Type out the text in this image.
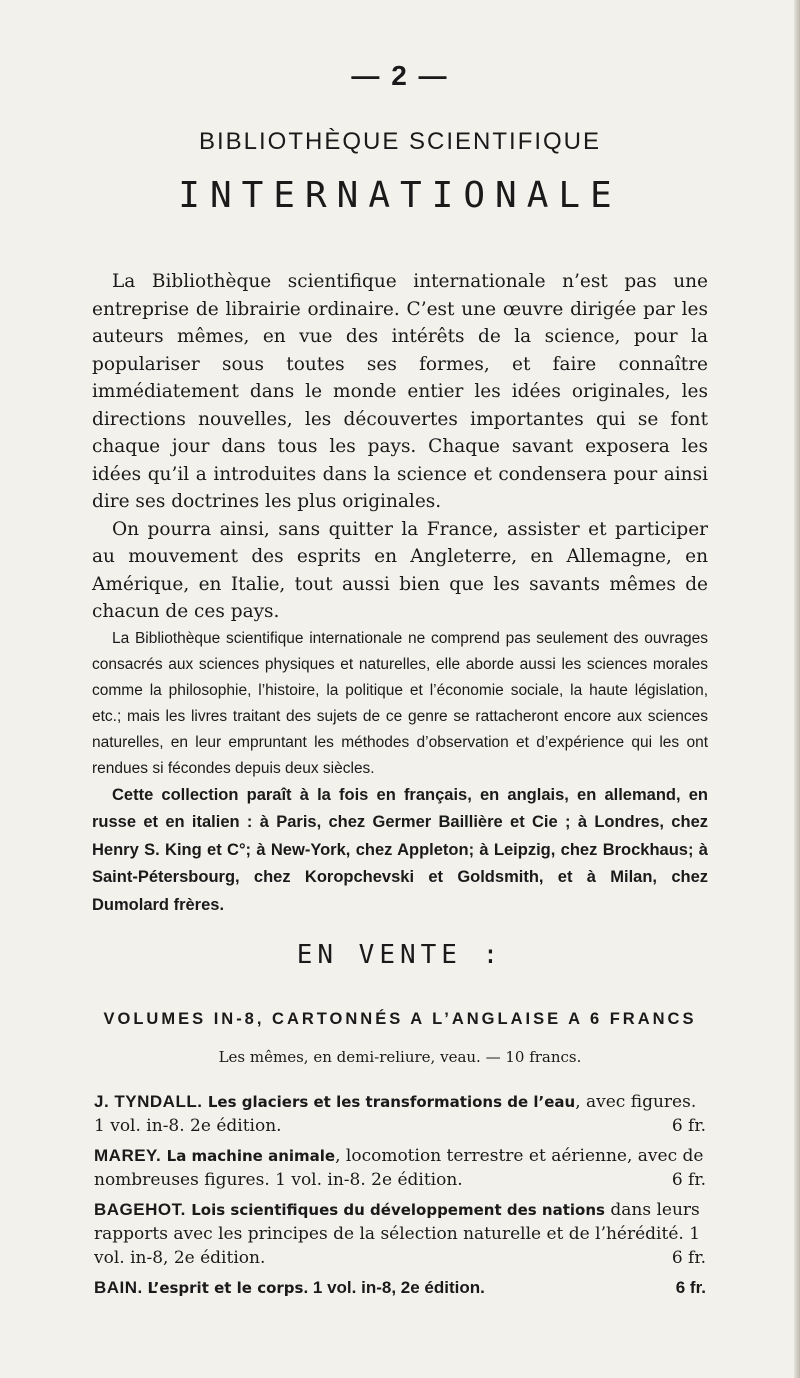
— 2 —
BIBLIOTHÈQUE SCIENTIFIQUE
INTERNATIONALE

La Bibliothèque scientifique internationale n’est pas une entreprise de librairie ordinaire. C’est une œuvre dirigée par les auteurs mêmes, en vue des intérêts de la science, pour la populariser sous toutes ses formes, et faire connaître immédiatement dans le monde entier les idées originales, les directions nouvelles, les découvertes importantes qui se font chaque jour dans tous les pays. Chaque savant exposera les idées qu’il a introduites dans la science et condensera pour ainsi dire ses doctrines les plus originales.

On pourra ainsi, sans quitter la France, assister et participer au mouvement des esprits en Angleterre, en Allemagne, en Amérique, en Italie, tout aussi bien que les savants mêmes de chacun de ces pays.

La Bibliothèque scientifique internationale ne comprend pas seulement des ouvrages consacrés aux sciences physiques et naturelles, elle aborde aussi les sciences morales comme la philosophie, l’histoire, la politique et l’économie sociale, la haute législation, etc.; mais les livres traitant des sujets de ce genre se rattacheront encore aux sciences naturelles, en leur empruntant les méthodes d’observation et d’expérience qui les ont rendues si fécondes depuis deux siècles.

Cette collection paraît à la fois en français, en anglais, en allemand, en russe et en italien : à Paris, chez Germer Baillière et Cie ; à Londres, chez Henry S. King et C°; à New-York, chez Appleton; à Leipzig, chez Brockhaus; à Saint-Pétersbourg, chez Koropchevski et Goldsmith, et à Milan, chez Dumolard frères.

EN VENTE :
VOLUMES IN-8, CARTONNÉS A L’ANGLAISE A 6 FRANCS
Les mêmes, en demi-reliure, veau. — 10 francs.
J. TYNDALL. Les glaciers et les transformations de l’eau, avec figures. 1 vol. in-8. 2e édition.	6 fr.
MAREY. La machine animale, locomotion terrestre et aérienne, avec de nombreuses figures. 1 vol. in-8. 2e édition.	6 fr.
BAGEHOT. Lois scientifiques du développement des nations dans leurs rapports avec les principes de la sélection naturelle et de l’hérédité. 1 vol. in-8, 2e édition.	6 fr.
BAIN. L’esprit et le corps. 1 vol. in-8, 2e édition.	6 fr.
